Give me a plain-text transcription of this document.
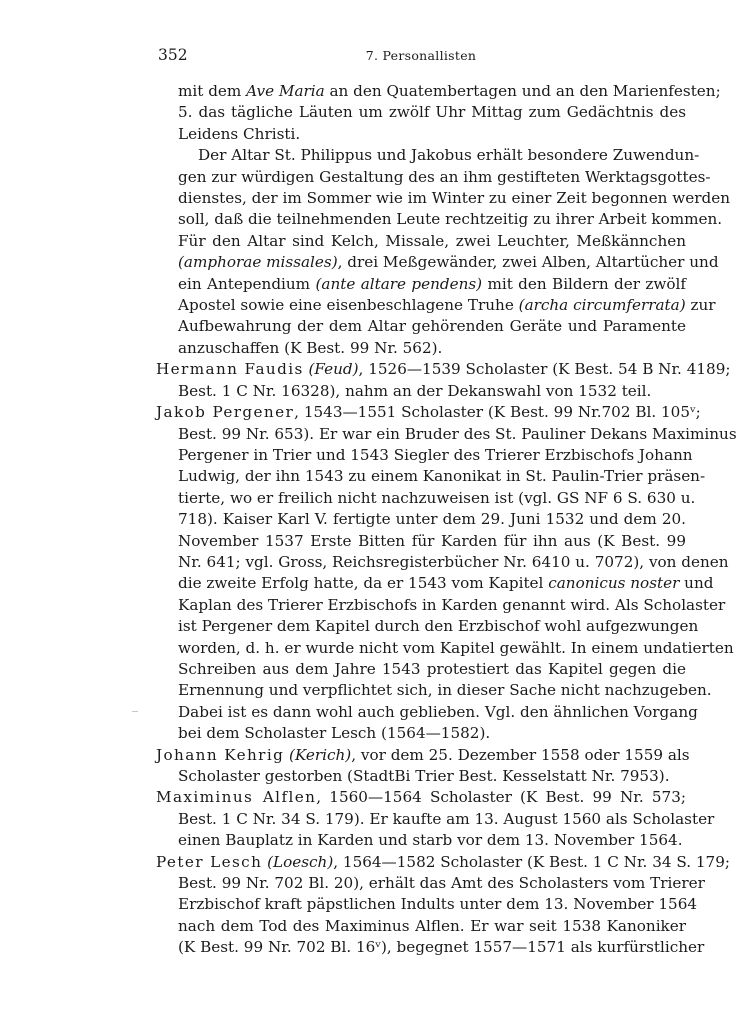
352	7. Personallisten
mit dem Ave Maria an den Quatembertagen und an den Marienfesten;
5. das tägliche Läuten um zwölf Uhr Mittag zum Gedächtnis des
Leidens Christi.
Der Altar St. Philippus und Jakobus erhält besondere Zuwendun-
gen zur würdigen Gestaltung des an ihm gestifteten Werktagsgottes-
dienstes, der im Sommer wie im Winter zu einer Zeit begonnen werden
soll, daß die teilnehmenden Leute rechtzeitig zu ihrer Arbeit kommen.
Für den Altar sind Kelch, Missale, zwei Leuchter, Meßkännchen
(amphorae missales), drei Meßgewänder, zwei Alben, Altartücher und
ein Antependium (ante altare pendens) mit den Bildern der zwölf
Apostel sowie eine eisenbeschlagene Truhe (archa circumferrata) zur
Aufbewahrung der dem Altar gehörenden Geräte und Paramente
anzuschaffen (K Best. 99 Nr. 562).
Hermann Faudis (Feud), 1526—1539 Scholaster (K Best. 54 B Nr. 4189;
Best. 1 C Nr. 16328), nahm an der Dekanswahl von 1532 teil.
Jakob Pergener, 1543—1551 Scholaster (K Best. 99 Nr.702 Bl. 105ᵛ;
Best. 99 Nr. 653). Er war ein Bruder des St. Pauliner Dekans Maximinus
Pergener in Trier und 1543 Siegler des Trierer Erzbischofs Johann
Ludwig, der ihn 1543 zu einem Kanonikat in St. Paulin-Trier präsen-
tierte, wo er freilich nicht nachzuweisen ist (vgl. GS NF 6 S. 630 u.
718). Kaiser Karl V. fertigte unter dem 29. Juni 1532 und dem 20.
November 1537 Erste Bitten für Karden für ihn aus (K Best. 99
Nr. 641; vgl. Gross, Reichsregisterbücher Nr. 6410 u. 7072), von denen
die zweite Erfolg hatte, da er 1543 vom Kapitel canonicus noster und
Kaplan des Trierer Erzbischofs in Karden genannt wird. Als Scholaster
ist Pergener dem Kapitel durch den Erzbischof wohl aufgezwungen
worden, d. h. er wurde nicht vom Kapitel gewählt. In einem undatierten
Schreiben aus dem Jahre 1543 protestiert das Kapitel gegen die
Ernennung und verpflichtet sich, in dieser Sache nicht nachzugeben.
Dabei ist es dann wohl auch geblieben. Vgl. den ähnlichen Vorgang
bei dem Scholaster Lesch (1564—1582).
Johann Kehrig (Kerich), vor dem 25. Dezember 1558 oder 1559 als
Scholaster gestorben (StadtBi Trier Best. Kesselstatt Nr. 7953).
Maximinus Alflen, 1560—1564 Scholaster (K Best. 99 Nr. 573;
Best. 1 C Nr. 34 S. 179). Er kaufte am 13. August 1560 als Scholaster
einen Bauplatz in Karden und starb vor dem 13. November 1564.
Peter Lesch (Loesch), 1564—1582 Scholaster (K Best. 1 C Nr. 34 S. 179;
Best. 99 Nr. 702 Bl. 20), erhält das Amt des Scholasters vom Trierer
Erzbischof kraft päpstlichen Indults unter dem 13. November 1564
nach dem Tod des Maximinus Alflen. Er war seit 1538 Kanoniker
(K Best. 99 Nr. 702 Bl. 16ᵛ), begegnet 1557—1571 als kurfürstlicher
